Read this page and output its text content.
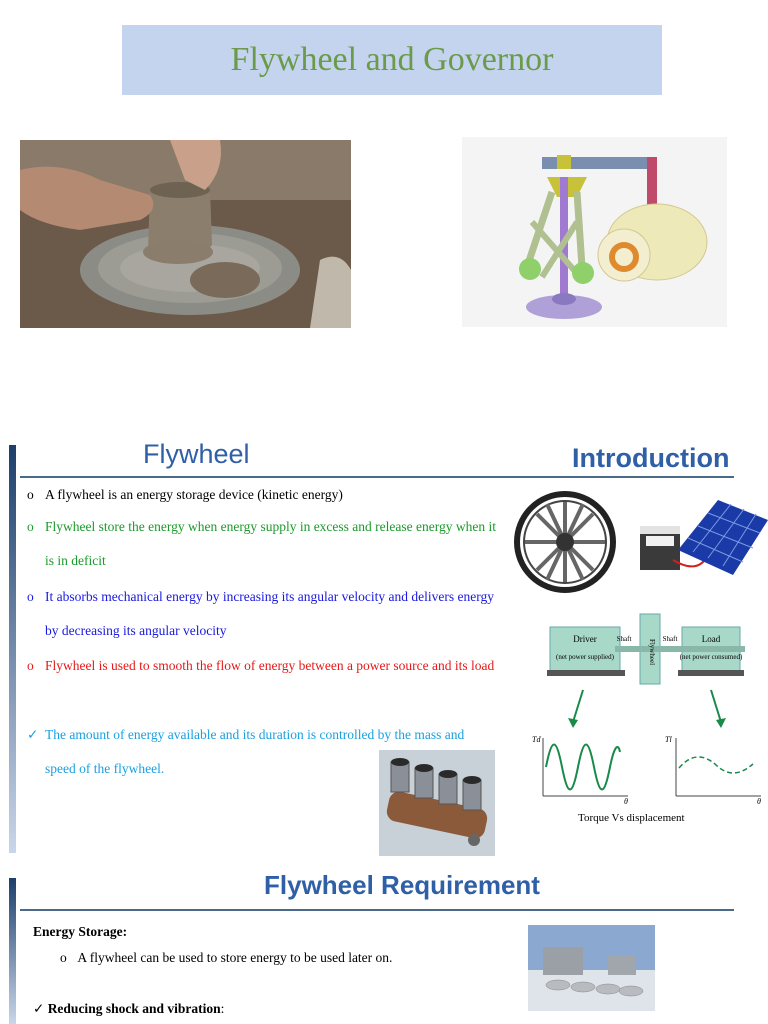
Flywheel and Governor
Flywheel	Introduction
o A flywheel is an energy storage device (kinetic energy)
o Flywheel store the energy when energy supply in excess and release energy when it is in deficit
o It absorbs mechanical energy by increasing its angular velocity and delivers energy by decreasing its angular velocity
o Flywheel is used to smooth the flow of energy between a power source and its load
✓ The amount of energy available and its duration is controlled by the mass and speed of the flywheel.
Driver
(net power supplied)
Shaft Flywheel Shaft	Load
(net power consumed)
Td
θ
Tl
θ
Torque Vs displacement
Flywheel Requirement
Energy Storage:
o A flywheel can be used to store energy to be used later on.
✓ Reducing shock and vibration:
